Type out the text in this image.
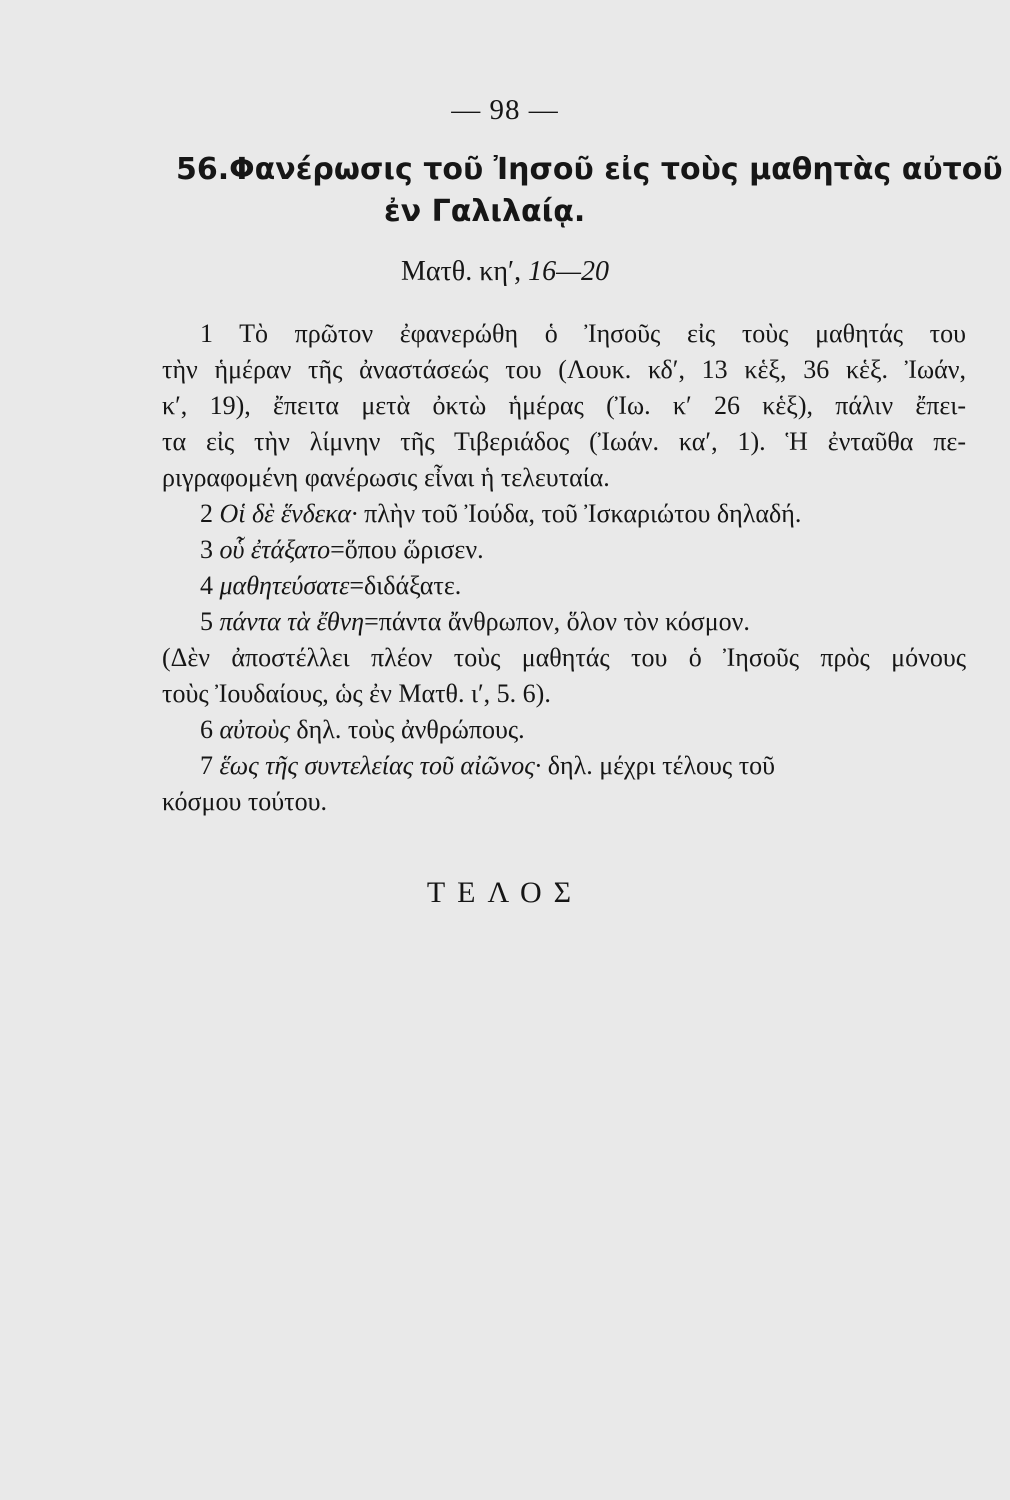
— 98 —
56.Φανέρωσις τοῦ Ἰησοῦ εἰς τοὺς μαθητὰς αὐτοῦ
ἐν Γαλιλαίᾳ.
Ματθ. κη′, 16—20
1 Τὸ πρῶτον ἐφανερώθη ὁ Ἰησοῦς εἰς τοὺς μαθητάς του
τὴν ἡμέραν τῆς ἀναστάσεώς του (Λουκ. κδ′, 13 κἑξ, 36 κἑξ. Ἰωάν,
κ′, 19), ἔπειτα μετὰ ὀκτὼ ἡμέρας (Ἰω. κ′ 26 κἑξ), πάλιν ἔπει-
τα εἰς τὴν λίμνην τῆς Τιβεριάδος (Ἰωάν. κα′, 1). Ἡ ἐνταῦθα πε-
ριγραφομένη φανέρωσις εἶναι ἡ τελευταία.
2 Οἱ δὲ ἕνδεκα· πλὴν τοῦ Ἰούδα, τοῦ Ἰσκαριώτου δηλαδή.
3 οὗ ἐτάξατο=ὅπου ὥρισεν.
4 μαθητεύσατε=διδάξατε.
5 πάντα τὰ ἔθνη=πάντα ἄνθρωπον, ὅλον τὸν κόσμον.
(Δὲν ἀποστέλλει πλέον τοὺς μαθητάς του ὁ Ἰησοῦς πρὸς μόνους
τοὺς Ἰουδαίους, ὡς ἐν Ματθ. ι′, 5. 6).
6 αὐτοὺς δηλ. τοὺς ἀνθρώπους.
7 ἕως τῆς συντελείας τοῦ αἰῶνος· δηλ. μέχρι τέλους τοῦ
κόσμου τούτου.
ΤΕΛΟΣ
